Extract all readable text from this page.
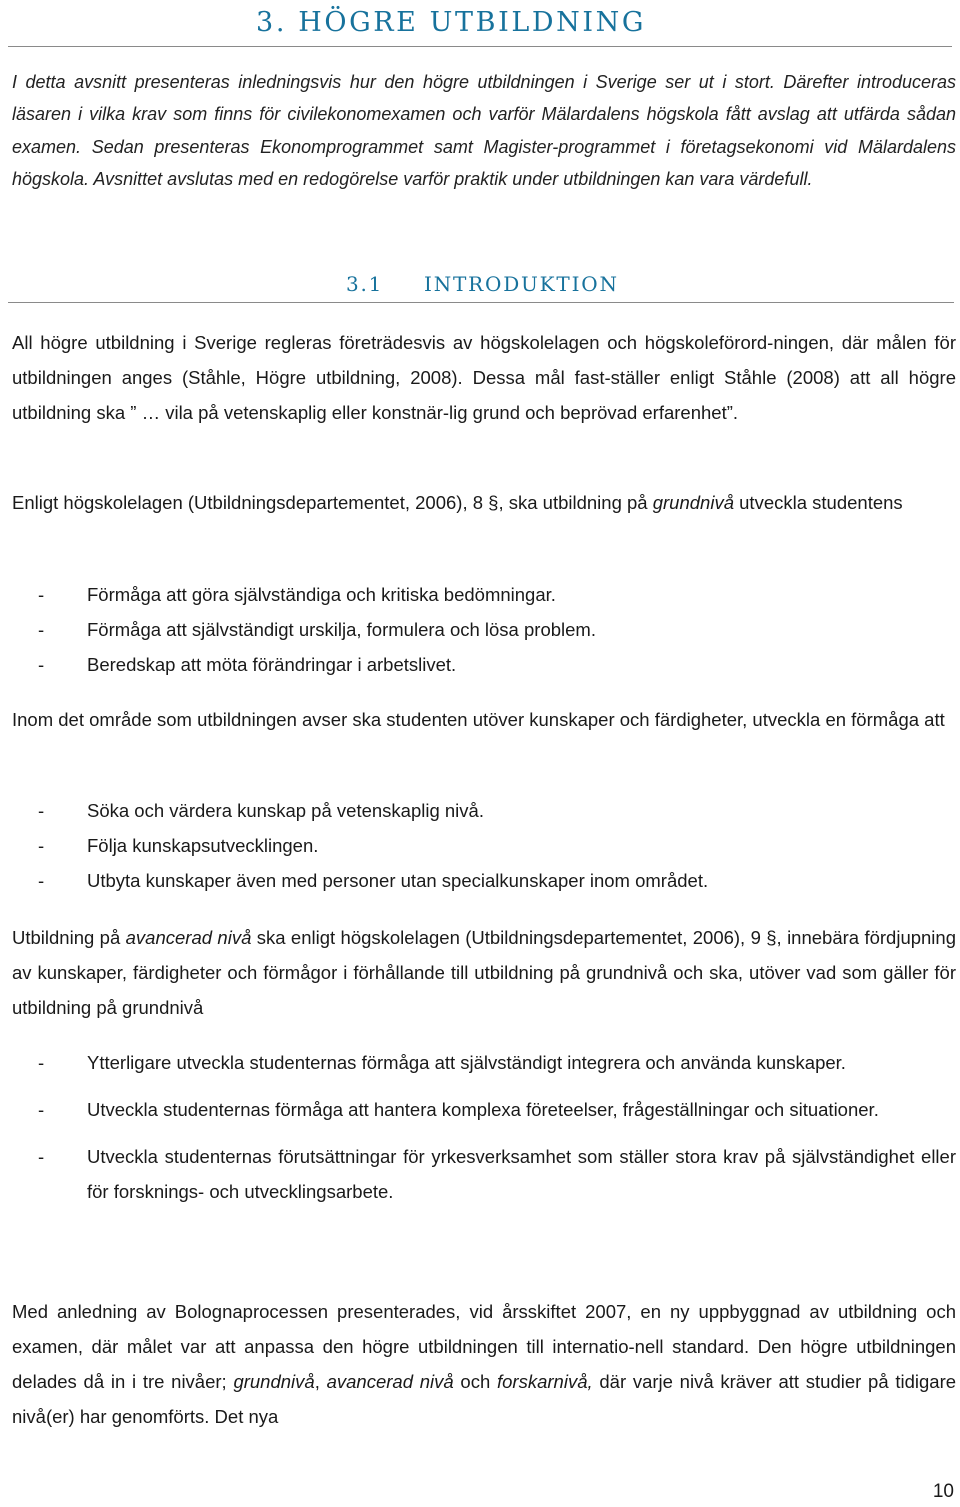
3. HÖGRE UTBILDNING
I detta avsnitt presenteras inledningsvis hur den högre utbildningen i Sverige ser ut i stort. Därefter introduceras läsaren i vilka krav som finns för civilekonomexamen och varför Mälardalens högskola fått avslag att utfärda sådan examen. Sedan presenteras Ekonomprogrammet samt Magister-programmet i företagsekonomi vid Mälardalens högskola. Avsnittet avslutas med en redogörelse varför praktik under utbildningen kan vara värdefull.
3.1 INTRODUKTION

All högre utbildning i Sverige regleras företrädesvis av högskolelagen och högskoleförord-ningen, där målen för utbildningen anges (Ståhle, Högre utbildning, 2008). Dessa mål fast-ställer enligt Ståhle (2008) att all högre utbildning ska ” … vila på vetenskaplig eller konstnär-lig grund och beprövad erfarenhet”.

Enligt högskolelagen (Utbildningsdepartementet, 2006), 8 §, ska utbildning på grundnivå utveckla studentens

- Förmåga att göra självständiga och kritiska bedömningar.
- Förmåga att självständigt urskilja, formulera och lösa problem.
- Beredskap att möta förändringar i arbetslivet.

Inom det område som utbildningen avser ska studenten utöver kunskaper och färdigheter, utveckla en förmåga att

- Söka och värdera kunskap på vetenskaplig nivå.
- Följa kunskapsutvecklingen.
- Utbyta kunskaper även med personer utan specialkunskaper inom området.

Utbildning på avancerad nivå ska enligt högskolelagen (Utbildningsdepartementet, 2006), 9 §, innebära fördjupning av kunskaper, färdigheter och förmågor i förhållande till utbildning på grundnivå och ska, utöver vad som gäller för utbildning på grundnivå

- Ytterligare utveckla studenternas förmåga att självständigt integrera och använda kunskaper.
- Utveckla studenternas förmåga att hantera komplexa företeelser, frågeställningar och situationer.
- Utveckla studenternas förutsättningar för yrkesverksamhet som ställer stora krav på självständighet eller för forsknings- och utvecklingsarbete.

Med anledning av Bolognaprocessen presenterades, vid årsskiftet 2007, en ny uppbyggnad av utbildning och examen, där målet var att anpassa den högre utbildningen till internatio-nell standard. Den högre utbildningen delades då in i tre nivåer; grundnivå, avancerad nivå och forskarnivå, där varje nivå kräver att studier på tidigare nivå(er) har genomförts. Det nya

10
